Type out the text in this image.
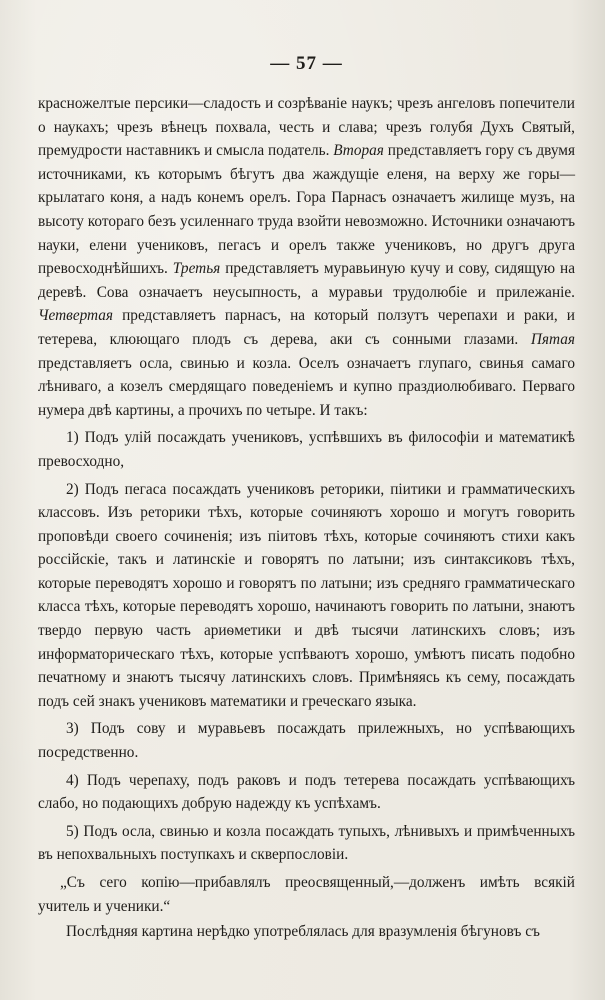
— 57 —

красножелтые персики—сладость и созрѣваніе наукъ; чрезъ ангеловъ попечители о наукахъ; чрезъ вѣнецъ похвала, честь и слава; чрезъ голубя Духъ Святый, премудрости наставникъ и смысла податель. Вторая представляетъ гору съ двумя источниками, къ которымъ бѣгутъ два жаждущіе еленя, на верху же горы—крылатаго коня, а надъ конемъ орелъ. Гора Парнасъ означаетъ жилище музъ, на высоту котораго безъ усиленнаго труда взойти невозможно. Источники означаютъ науки, елени учениковъ, пегасъ и орелъ также учениковъ, но другъ друга превосходнѣйшихъ. Третья представляетъ муравьиную кучу и сову, сидящую на деревѣ. Сова означаетъ неусыпность, а муравьи трудолюбіе и прилежаніе. Четвертая представляетъ парнасъ, на который ползутъ черепахи и раки, и тетерева, клюющаго плодъ съ дерева, аки съ сонными глазами. Пятая представляетъ осла, свинью и козла. Оселъ означаетъ глупаго, свинья самаго лѣниваго, а козелъ смердящаго поведеніемъ и купно праздиолюбиваго. Перваго нумера двѣ картины, а прочихъ по четыре. И такъ:

1) Подъ улій посаждать учениковъ, успѣвшихъ въ философіи и математикѣ превосходно,

2) Подъ пегаса посаждать учениковъ реторики, піитики и грамматическихъ классовъ. Изъ реторики тѣхъ, которые сочиняютъ хорошо и могутъ говорить проповѣди своего сочиненія; изъ піитовъ тѣхъ, которые сочиняютъ стихи какъ россійскіе, такъ и латинскіе и говорятъ по латыни; изъ синтаксиковъ тѣхъ, которые переводятъ хорошо и говорятъ по латыни; изъ средняго грамматическаго класса тѣхъ, которые переводятъ хорошо, начинаютъ говорить по латыни, знаютъ твердо первую часть ариѳметики и двѣ тысячи латинскихъ словъ; изъ информаторическаго тѣхъ, которые успѣваютъ хорошо, умѣютъ писать подобно печатному и знаютъ тысячу латинскихъ словъ. Примѣняясь къ сему, посаждать подъ сей знакъ учениковъ математики и греческаго языка.

3) Подъ сову и муравьевъ посаждать прилежныхъ, но успѣвающихъ посредственно.

4) Подъ черепаху, подъ раковъ и подъ тетерева посаждать успѣвающихъ слабо, но подающихъ добрую надежду къ успѣхамъ.

5) Подъ осла, свинью и козла посаждать тупыхъ, лѣнивыхъ и примѣченныхъ въ непохвальныхъ поступкахъ и скверпословіи.

„Съ сего копію—прибавлялъ преосвященный,—долженъ имѣть всякій учитель и ученики.“

Послѣдняя картина нерѣдко употреблялась для вразумленія бѣгуновъ съ
